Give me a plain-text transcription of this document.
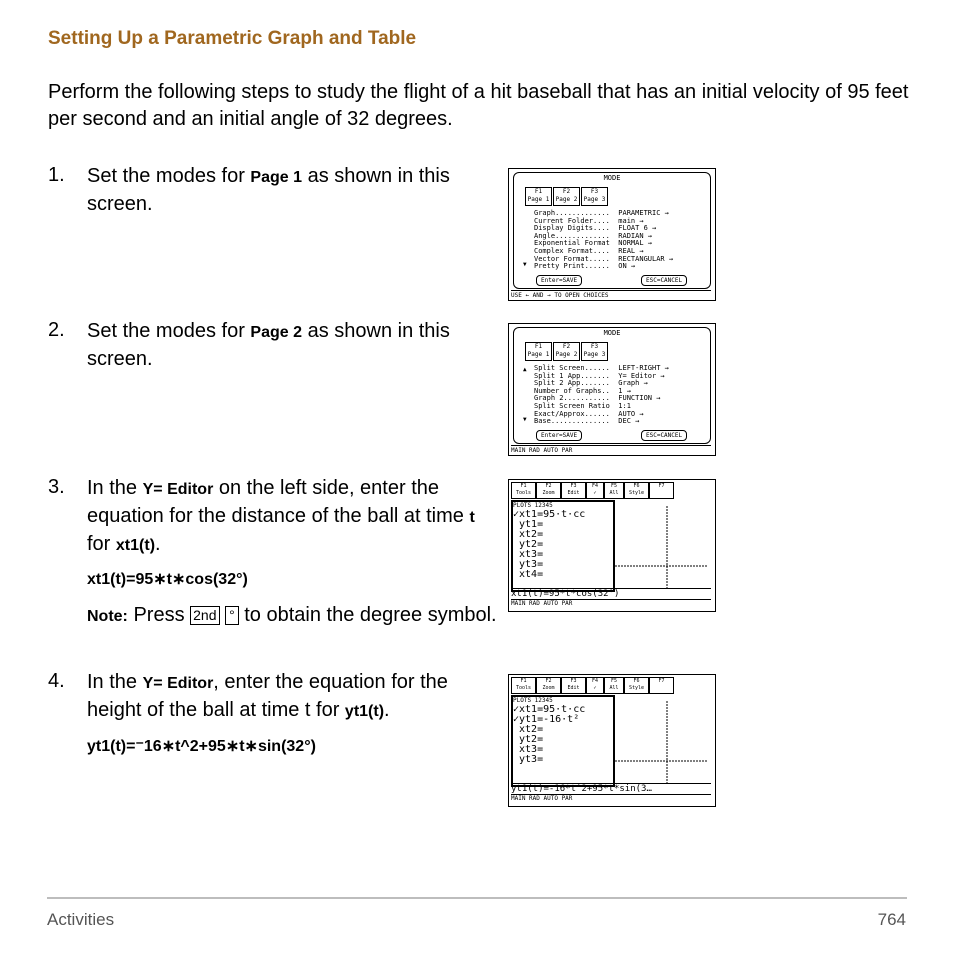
Setting Up a Parametric Graph and Table
Perform the following steps to study the flight of a hit baseball that has an initial velocity of 95 feet per second and an initial angle of 32 degrees.
1. Set the modes for Page 1 as shown in this screen.
MODE
F1
Page 1
F2
Page 2
F3
Page 3
▼
Graph.............  PARAMETRIC →
Current Folder....  main →
Display Digits....  FLOAT 6 →
Angle.............  RADIAN →
Exponential Format  NORMAL →
Complex Format....  REAL →
Vector Format.....  RECTANGULAR →
Pretty Print......  ON →
Enter=SAVE	ESC=CANCEL
USE ← AND → TO OPEN CHOICES
2. Set the modes for Page 2 as shown in this screen.
MODE
F1
Page 1
F2
Page 2
F3
Page 3
▲
▼
Split Screen......  LEFT-RIGHT →
Split 1 App.......  Y= Editor →
Split 2 App.......  Graph →
Number of Graphs..  1 →
Graph 2...........  FUNCTION →
Split Screen Ratio  1:1
Exact/Approx......  AUTO →
Base..............  DEC →
Enter=SAVE	ESC=CANCEL
MAIN RAD AUTO PAR
3. In the Y= Editor on the left side, enter the equation for the distance of the ball at time t for xt1(t).
xt1(t)=95∗t∗cos(32°)
Note: Press 2nd ° to obtain the degree symbol.
F1
Tools
F2
Zoom
F3
Edit
F4
✓
F5
All
F6
Style
F7

PLOTS 12345
✓xt1=95·t·cc
yt1=
xt2=
yt2=
xt3=
yt3=
xt4=
xt1(t)=95*t*cos(32°)
MAIN RAD AUTO PAR
4. In the Y= Editor, enter the equation for the height of the ball at time t for yt1(t).
yt1(t)=⁻16∗t^2+95∗t∗sin(32°)
F1
Tools
F2
Zoom
F3
Edit
F4
✓
F5
All
F6
Style
F7

PLOTS 12345
✓xt1=95·t·cc
✓yt1=-16·t²
xt2=
yt2=
xt3=
yt3=
yt1(t)=-16*t^2+95*t*sin(3…
MAIN RAD AUTO PAR
Activities	764
